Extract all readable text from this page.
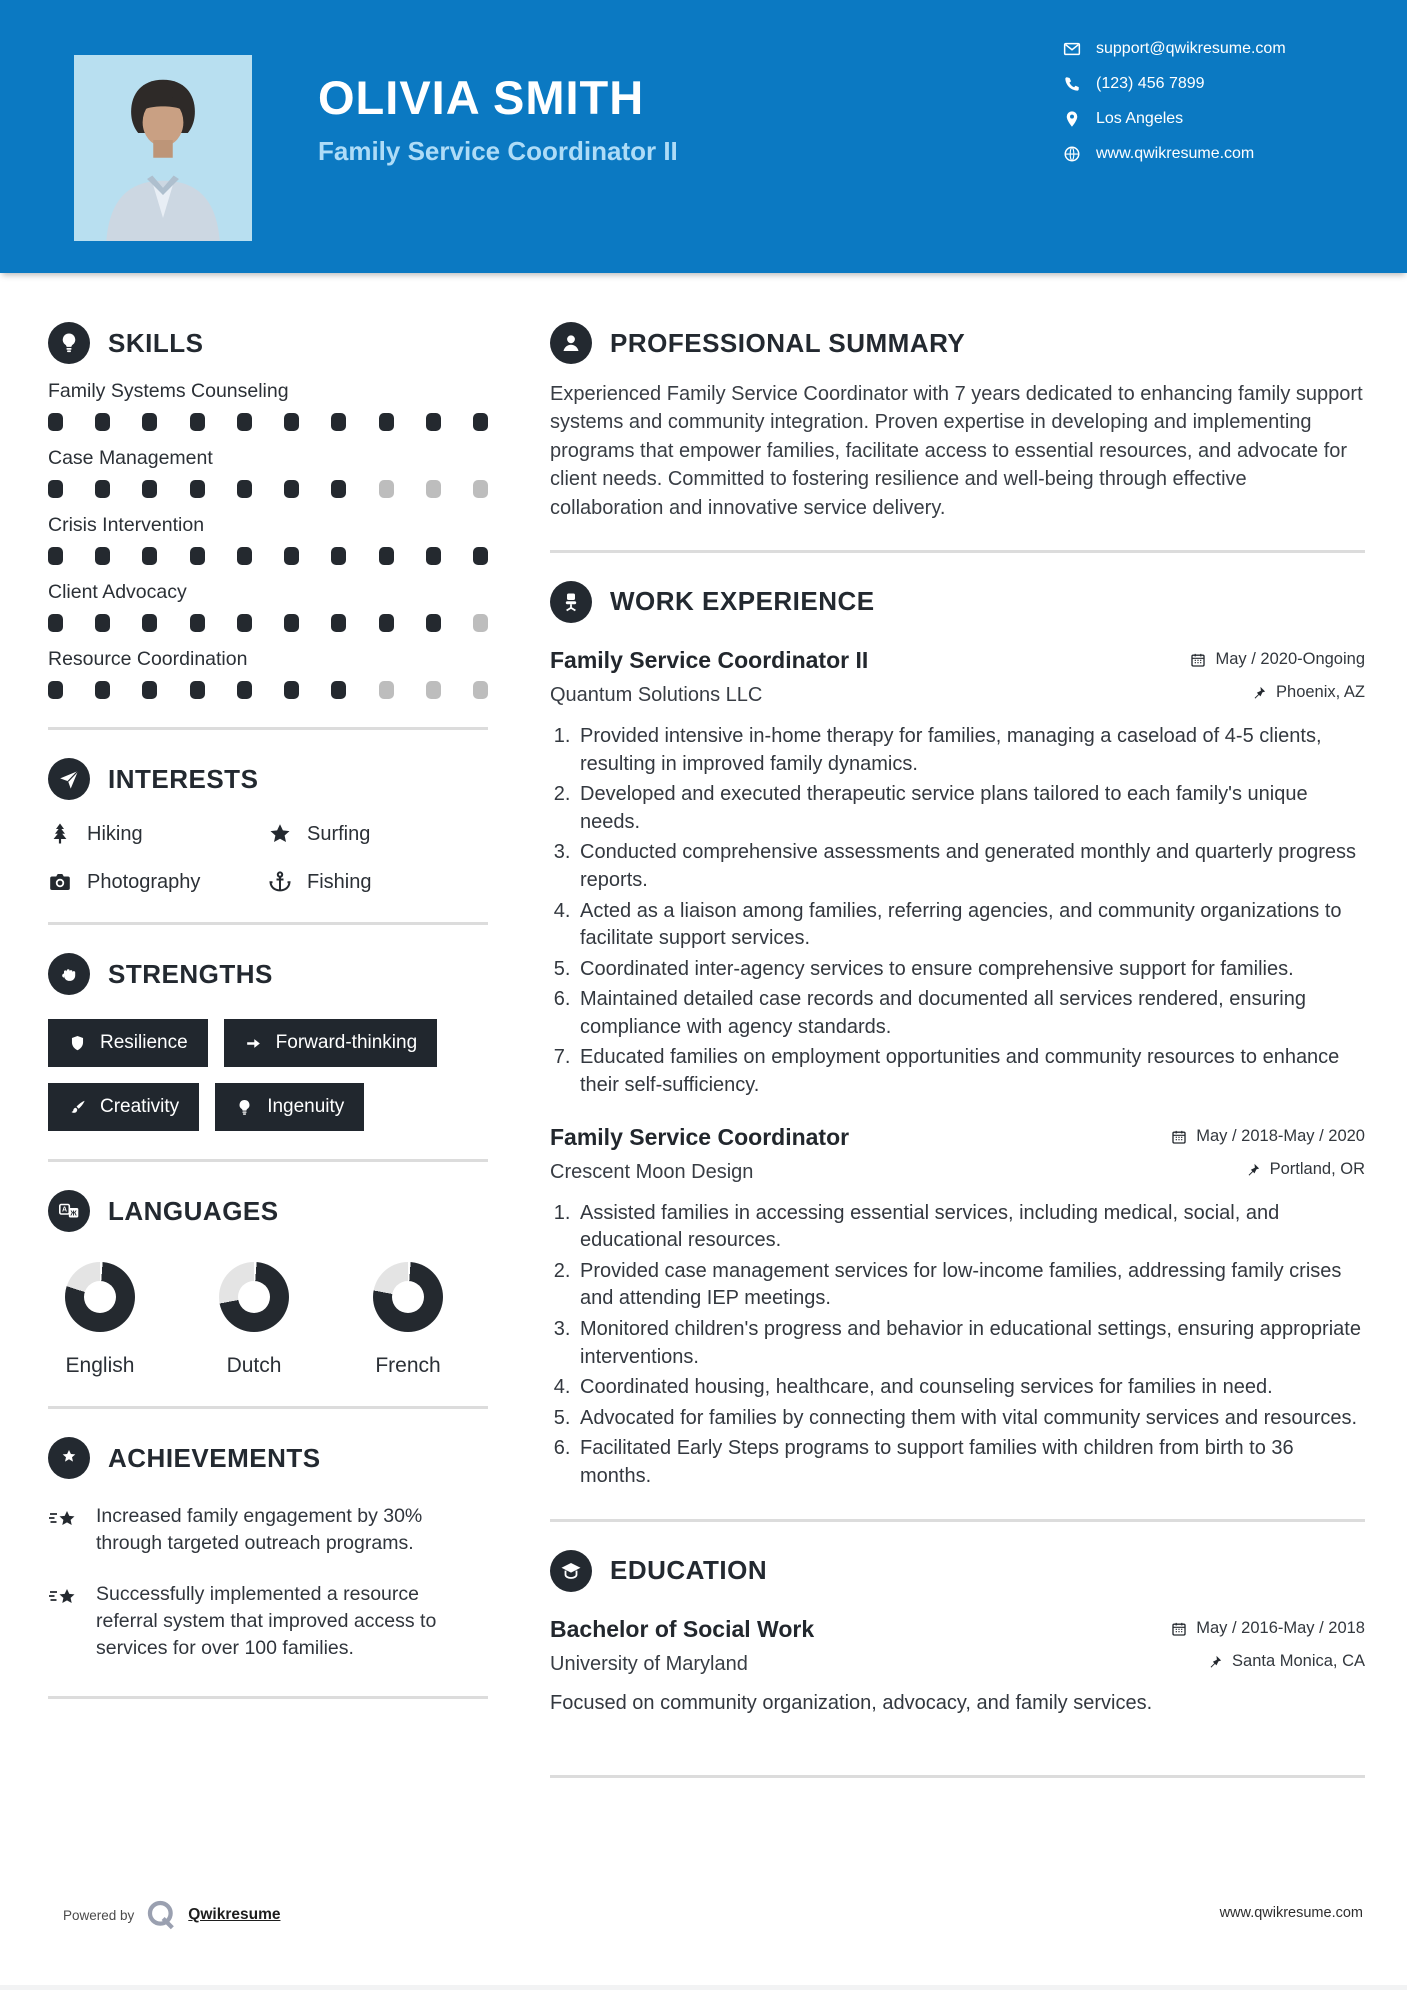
OLIVIA SMITH
Family Service Coordinator II
support@qwikresume.com
(123) 456 7899
Los Angeles
www.qwikresume.com
SKILLS
Family Systems Counseling
Case Management
Crisis Intervention
Client Advocacy
Resource Coordination
INTERESTS
Hiking	Surfing
Photography	Fishing
STRENGTHS
Resilience	Forward-thinking
Creativity	Ingenuity
A
Ж LANGUAGES
English	Dutch	French
ACHIEVEMENTS
Increased family engagement by 30% through targeted outreach programs.
Successfully implemented a resource referral system that improved access to services for over 100 families.
PROFESSIONAL SUMMARY

Experienced Family Service Coordinator with 7 years dedicated to enhancing family support systems and community integration. Proven expertise in developing and implementing programs that empower families, facilitate access to essential resources, and advocate for client needs. Committed to fostering resilience and well-being through effective collaboration and innovative service delivery.

WORK EXPERIENCE
Family Service Coordinator II	May / 2020-Ongoing
Quantum Solutions LLC	Phoenix, AZ
1. Provided intensive in-home therapy for families, managing a caseload of 4-5 clients, resulting in improved family dynamics.
2. Developed and executed therapeutic service plans tailored to each family's unique needs.
3. Conducted comprehensive assessments and generated monthly and quarterly progress reports.
4. Acted as a liaison among families, referring agencies, and community organizations to facilitate support services.
5. Coordinated inter-agency services to ensure comprehensive support for families.
6. Maintained detailed case records and documented all services rendered, ensuring compliance with agency standards.
7. Educated families on employment opportunities and community resources to enhance their self-sufficiency.
Family Service Coordinator	May / 2018-May / 2020
Crescent Moon Design	Portland, OR
1. Assisted families in accessing essential services, including medical, social, and educational resources.
2. Provided case management services for low-income families, addressing family crises and attending IEP meetings.
3. Monitored children's progress and behavior in educational settings, ensuring appropriate interventions.
4. Coordinated housing, healthcare, and counseling services for families in need.
5. Advocated for families by connecting them with vital community services and resources.
6. Facilitated Early Steps programs to support families with children from birth to 36 months.
EDUCATION
Bachelor of Social Work	May / 2016-May / 2018
University of Maryland	Santa Monica, CA

Focused on community organization, advocacy, and family services.

Powered by	Qwikresume	www.qwikresume.com
